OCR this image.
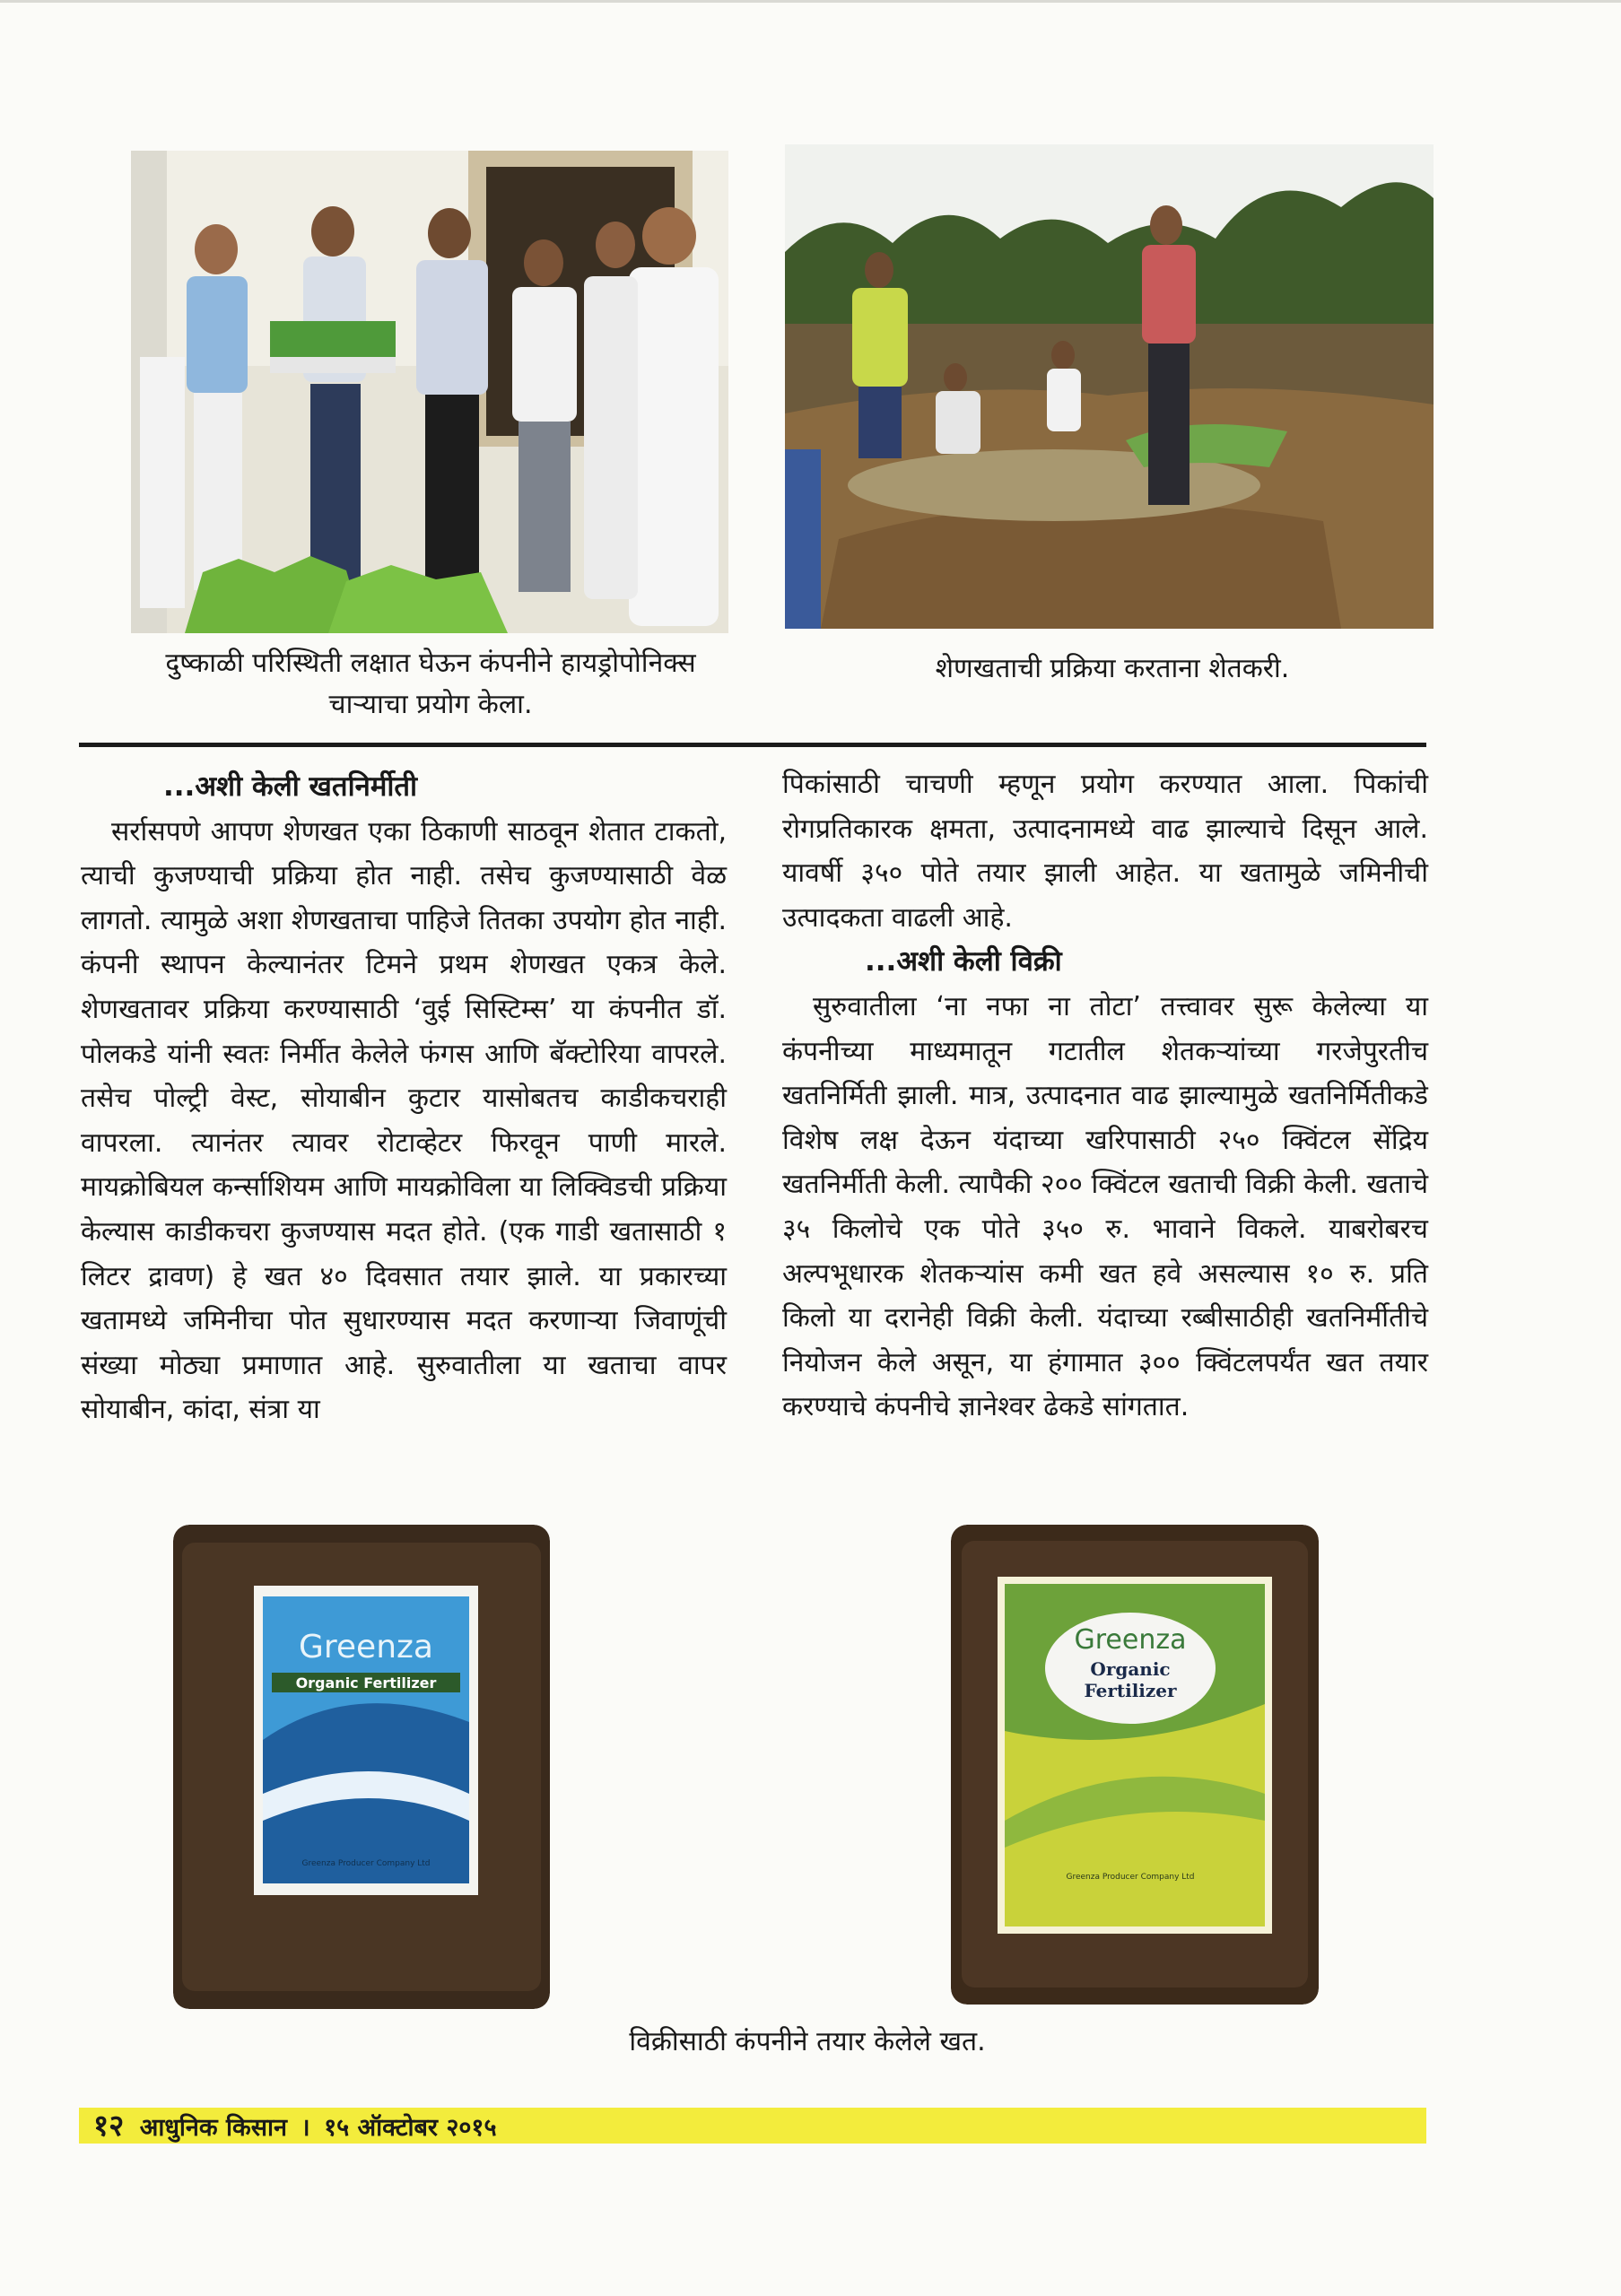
दुष्काळी परिस्थिती लक्षात घेऊन कंपनीने हायड्रोपोनिक्स चाऱ्याचा प्रयोग केला.
शेणखताची प्रक्रिया करताना शेतकरी.

...अशी केली खतनिर्मीती

सर्रासपणे आपण शेणखत एका ठिकाणी साठवून शेतात टाकतो, त्याची कुजण्याची प्रक्रिया होत नाही. तसेच कुजण्यासाठी वेळ लागतो. त्यामुळे अशा शेणखताचा पाहिजे तितका उपयोग होत नाही. कंपनी स्थापन केल्यानंतर टिमने प्रथम शेणखत एकत्र केले. शेणखतावर प्रक्रिया करण्यासाठी ‘वुई सिस्टिम्स’ या कंपनीत डॉ. पोलकडे यांनी स्वतः निर्मीत केलेले फंगस आणि बॅक्टोरिया वापरले. तसेच पोल्ट्री वेस्ट, सोयाबीन कुटार यासोबतच काडीकचराही वापरला. त्यानंतर त्यावर रोटाव्हेटर फिरवून पाणी मारले. मायक्रोबियल कर्न्साशियम आणि मायक्रोविला या लिक्विडची प्रक्रिया केल्यास काडीकचरा कुजण्यास मदत होते. (एक गाडी खतासाठी १ लिटर द्रावण) हे खत ४० दिवसात तयार झाले. या प्रकारच्या खतामध्ये जमिनीचा पोत सुधारण्यास मदत करणाऱ्या जिवाणूंची संख्या मोठ्या प्रमाणात आहे. सुरुवातीला या खताचा वापर सोयाबीन, कांदा, संत्रा या

पिकांसाठी चाचणी म्हणून प्रयोग करण्यात आला. पिकांची रोगप्रतिकारक क्षमता, उत्पादनामध्ये वाढ झाल्याचे दिसून आले. यावर्षी ३५० पोते तयार झाली आहेत. या खतामुळे जमिनीची उत्पादकता वाढली आहे.

...अशी केली विक्री

सुरुवातीला ‘ना नफा ना तोटा’ तत्त्वावर सुरू केलेल्या या कंपनीच्या माध्यमातून गटातील शेतकऱ्यांच्या गरजेपुरतीच खतनिर्मिती झाली. मात्र, उत्पादनात वाढ झाल्यामुळे खतनिर्मितीकडे विशेष लक्ष देऊन यंदाच्या खरिपासाठी २५० क्विंटल सेंद्रिय खतनिर्मीती केली. त्यापैकी २०० क्विंटल खताची विक्री केली. खताचे ३५ किलोचे एक पोते ३५० रु. भावाने विकले. याबरोबरच अल्पभूधारक शेतकऱ्यांस कमी खत हवे असल्यास १० रु. प्रति किलो या दरानेही विक्री केली. यंदाच्या रब्बीसाठीही खतनिर्मीतीचे नियोजन केले असून, या हंगामात ३०० क्विंटलपर्यंत खत तयार करण्याचे कंपनीचे ज्ञानेश्वर ढेकडे सांगतात.

Greenza
Organic Fertilizer
Greenza Producer Company Ltd
Greenza
Organic
Fertilizer
Greenza Producer Company Ltd
विक्रीसाठी कंपनीने तयार केलेले खत.
१२ आधुनिक किसान । १५ ऑक्टोबर २०१५
